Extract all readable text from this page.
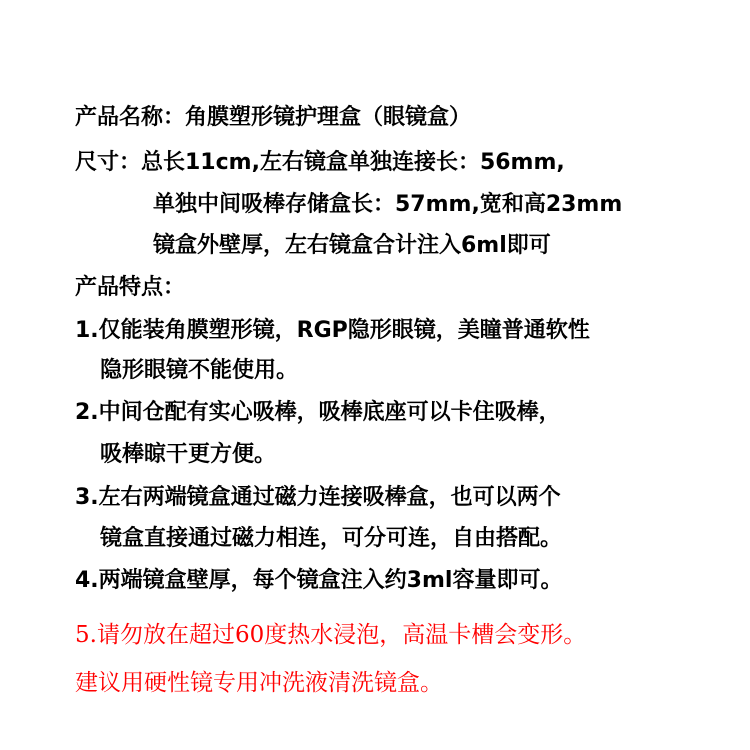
产品名称：角膜塑形镜护理盒（眼镜盒）
尺寸：总长11cm,左右镜盒单独连接长：56mm,
单独中间吸棒存储盒长：57mm,宽和高23mm
镜盒外壁厚，左右镜盒合计注入6ml即可
产品特点：
1.仅能装角膜塑形镜，RGP隐形眼镜，美瞳普通软性
隐形眼镜不能使用。
2.中间仓配有实心吸棒，吸棒底座可以卡住吸棒，
吸棒晾干更方便。
3.左右两端镜盒通过磁力连接吸棒盒，也可以两个
镜盒直接通过磁力相连，可分可连，自由搭配。
4.两端镜盒壁厚，每个镜盒注入约3ml容量即可。
5.请勿放在超过60度热水浸泡，高温卡槽会变形。
建议用硬性镜专用冲洗液清洗镜盒。
